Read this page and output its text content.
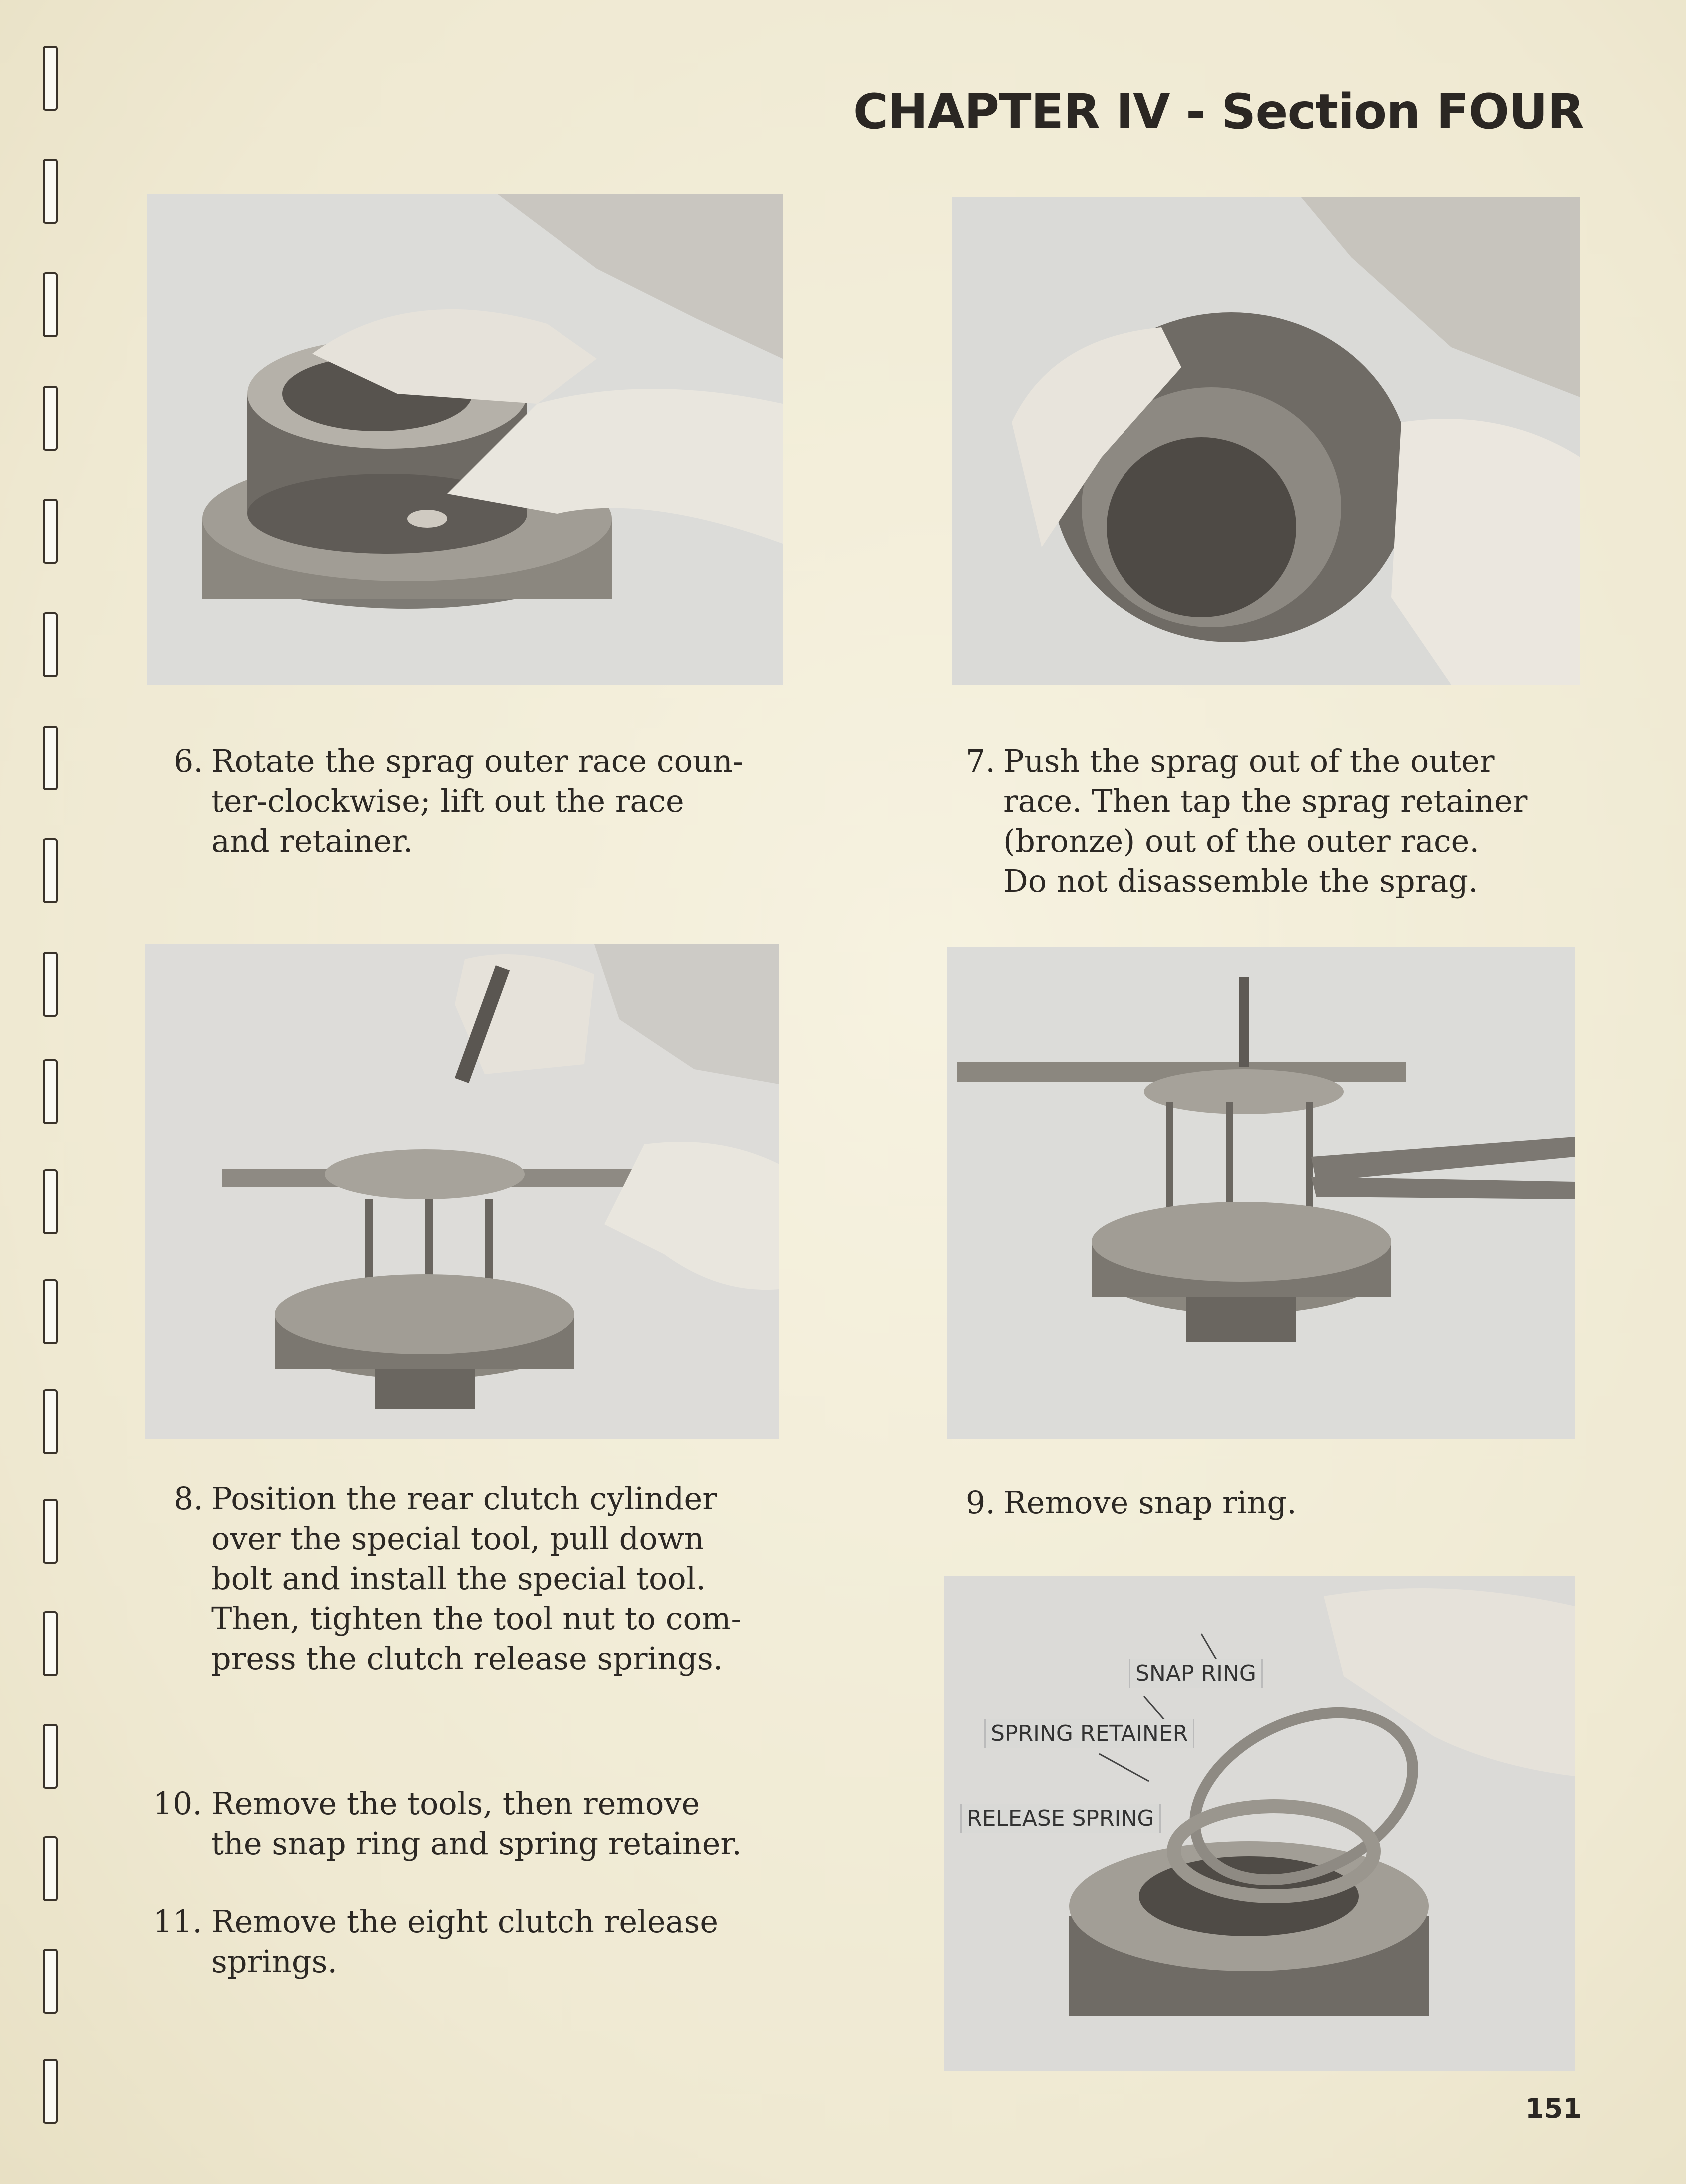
CHAPTER IV - Section FOUR
SNAP RING
SPRING RETAINER
RELEASE SPRING
6. Rotate the sprag outer race coun-
ter-clockwise; lift out the race
and retainer.
7. Push the sprag out of the outer
race. Then tap the sprag retainer
(bronze) out of the outer race.
Do not disassemble the sprag.
8. Position the rear clutch cylinder
over the special tool, pull down
bolt and install the special tool.
Then, tighten the tool nut to com-
press the clutch release springs.
9. Remove snap ring.
10. Remove the tools, then remove
the snap ring and spring retainer.
11. Remove the eight clutch release
springs.
151
